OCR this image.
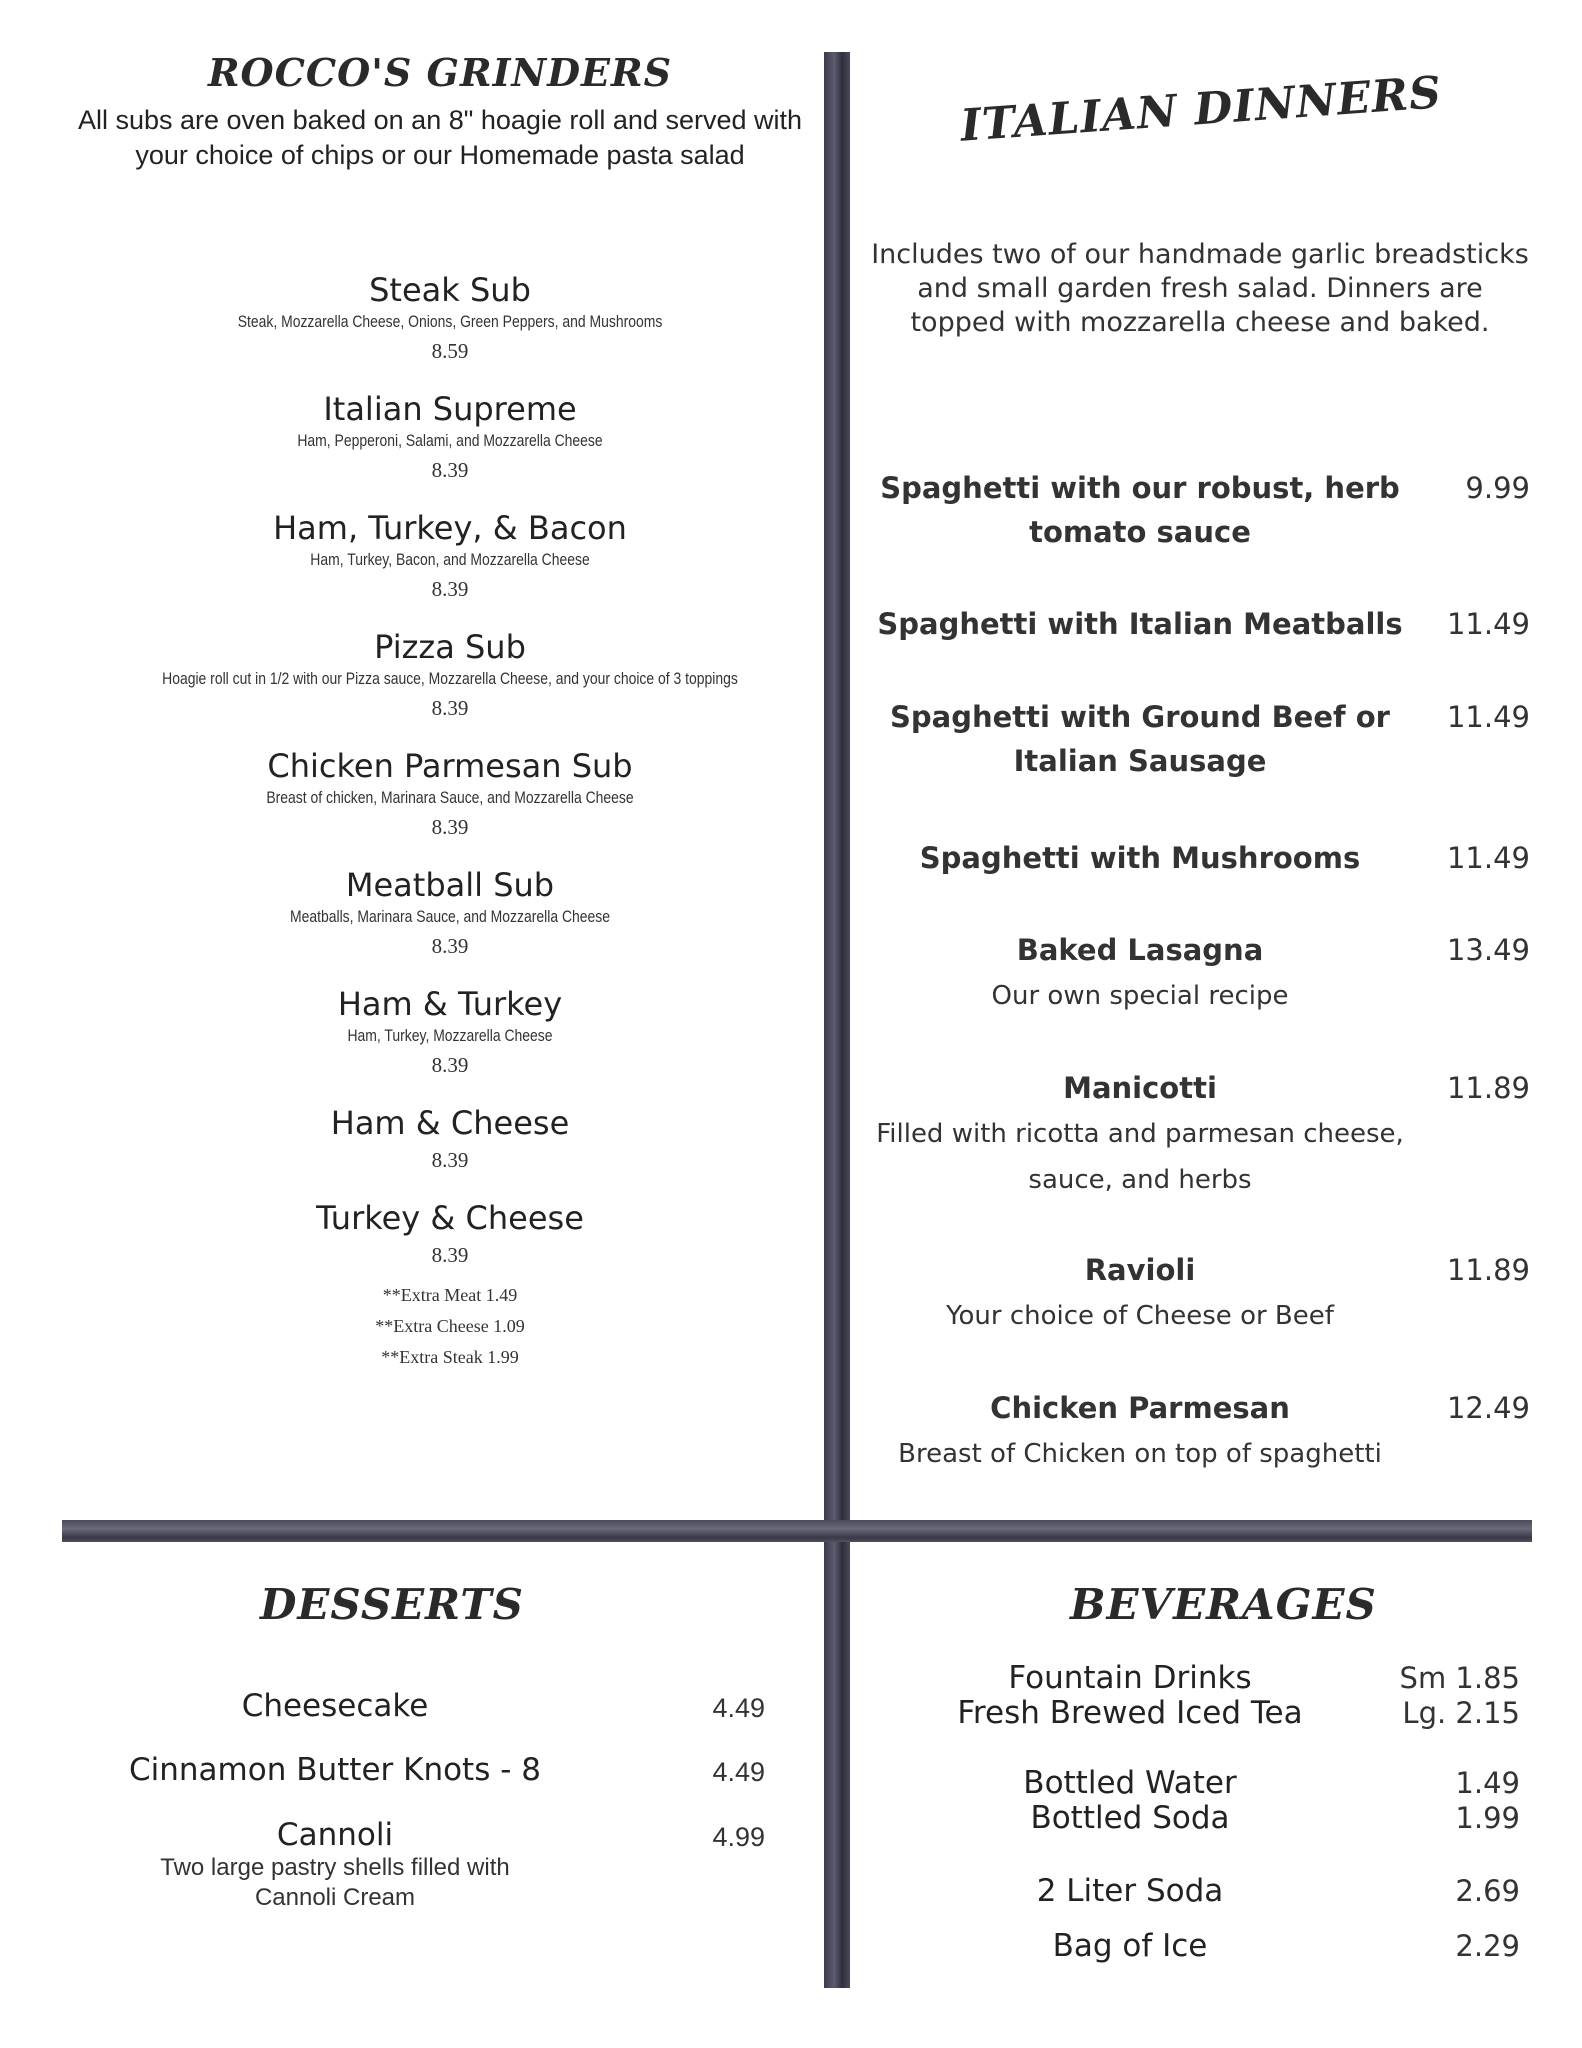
ROCCO'S GRINDERS

All subs are oven baked on an 8" hoagie roll and served with

your choice of chips or our Homemade pasta salad

Steak Sub
Steak, Mozzarella Cheese, Onions, Green Peppers, and Mushrooms
8.59
Italian Supreme
Ham, Pepperoni, Salami, and Mozzarella Cheese
8.39
Ham, Turkey, & Bacon
Ham, Turkey, Bacon, and Mozzarella Cheese
8.39
Pizza Sub
Hoagie roll cut in 1/2 with our Pizza sauce, Mozzarella Cheese, and your choice of 3 toppings
8.39
Chicken Parmesan Sub
Breast of chicken, Marinara Sauce, and Mozzarella Cheese
8.39
Meatball Sub
Meatballs, Marinara Sauce, and Mozzarella Cheese
8.39
Ham & Turkey
Ham, Turkey, Mozzarella Cheese
8.39
Ham & Cheese
8.39
Turkey & Cheese
8.39
**Extra Meat 1.49
**Extra Cheese 1.09
**Extra Steak 1.99
ITALIAN DINNERS
Includes two of our handmade garlic breadsticks and small garden fresh salad. Dinners are topped with mozzarella cheese and baked.
Spaghetti with our robust, herb
tomato sauce
9.99
Spaghetti with Italian Meatballs	11.49
Spaghetti with Ground Beef or
Italian Sausage
11.49
Spaghetti with Mushrooms	11.49
Baked Lasagna
Our own special recipe
13.49
Manicotti
Filled with ricotta and parmesan cheese,
sauce, and herbs
11.89
Ravioli
Your choice of Cheese or Beef
11.89
Chicken Parmesan
Breast of Chicken on top of spaghetti
12.49
DESSERTS
Cheesecake	4.49
Cinnamon Butter Knots - 8	4.49
Cannoli
Two large pastry shells filled with
Cannoli Cream
4.99
BEVERAGES
Fountain Drinks	Sm 1.85
Fresh Brewed Iced Tea	Lg. 2.15
Bottled Water	1.49
Bottled Soda	1.99
2 Liter Soda	2.69
Bag of Ice	2.29
